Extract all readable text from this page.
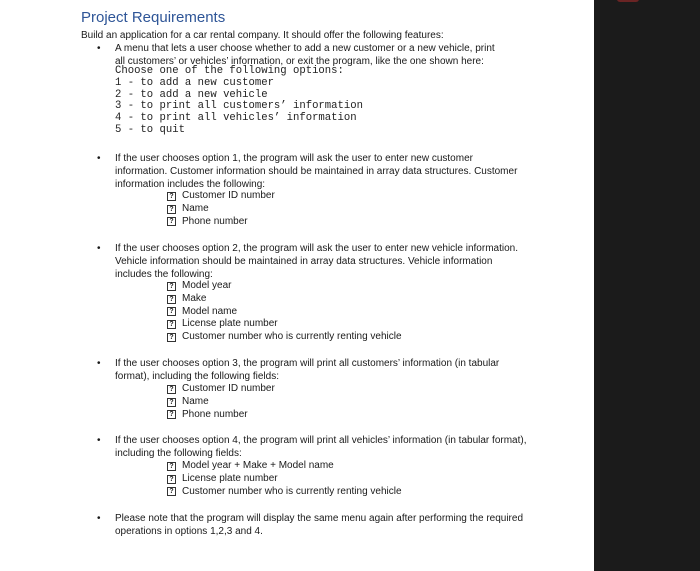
Project Requirements

Build an application for a car rental company. It should offer the following features:

• A menu that lets a user choose whether to add a new customer or a new vehicle, print all customers’ or vehicles’ information, or exit the program, like the one shown here:

Choose one of the following options:
1 - to add a new customer
2 - to add a new vehicle
3 - to print all customers’ information
4 - to print all vehicles’ information
5 - to quit
• If the user chooses option 1, the program will ask the user to enter new customer information. Customer information should be maintained in array data structures. Customer information includes the following:

? Customer ID number
? Name
? Phone number
• If the user chooses option 2, the program will ask the user to enter new vehicle information. Vehicle information should be maintained in array data structures. Vehicle information includes the following:

? Model year
? Make
? Model name
? License plate number
? Customer number who is currently renting vehicle
• If the user chooses option 3, the program will print all customers’ information (in tabular format), including the following fields:

? Customer ID number
? Name
? Phone number
• If the user chooses option 4, the program will print all vehicles’ information (in tabular format), including the following fields:

? Model year + Make + Model name
? License plate number
? Customer number who is currently renting vehicle
• Please note that the program will display the same menu again after performing the required operations in options 1,2,3 and 4.
